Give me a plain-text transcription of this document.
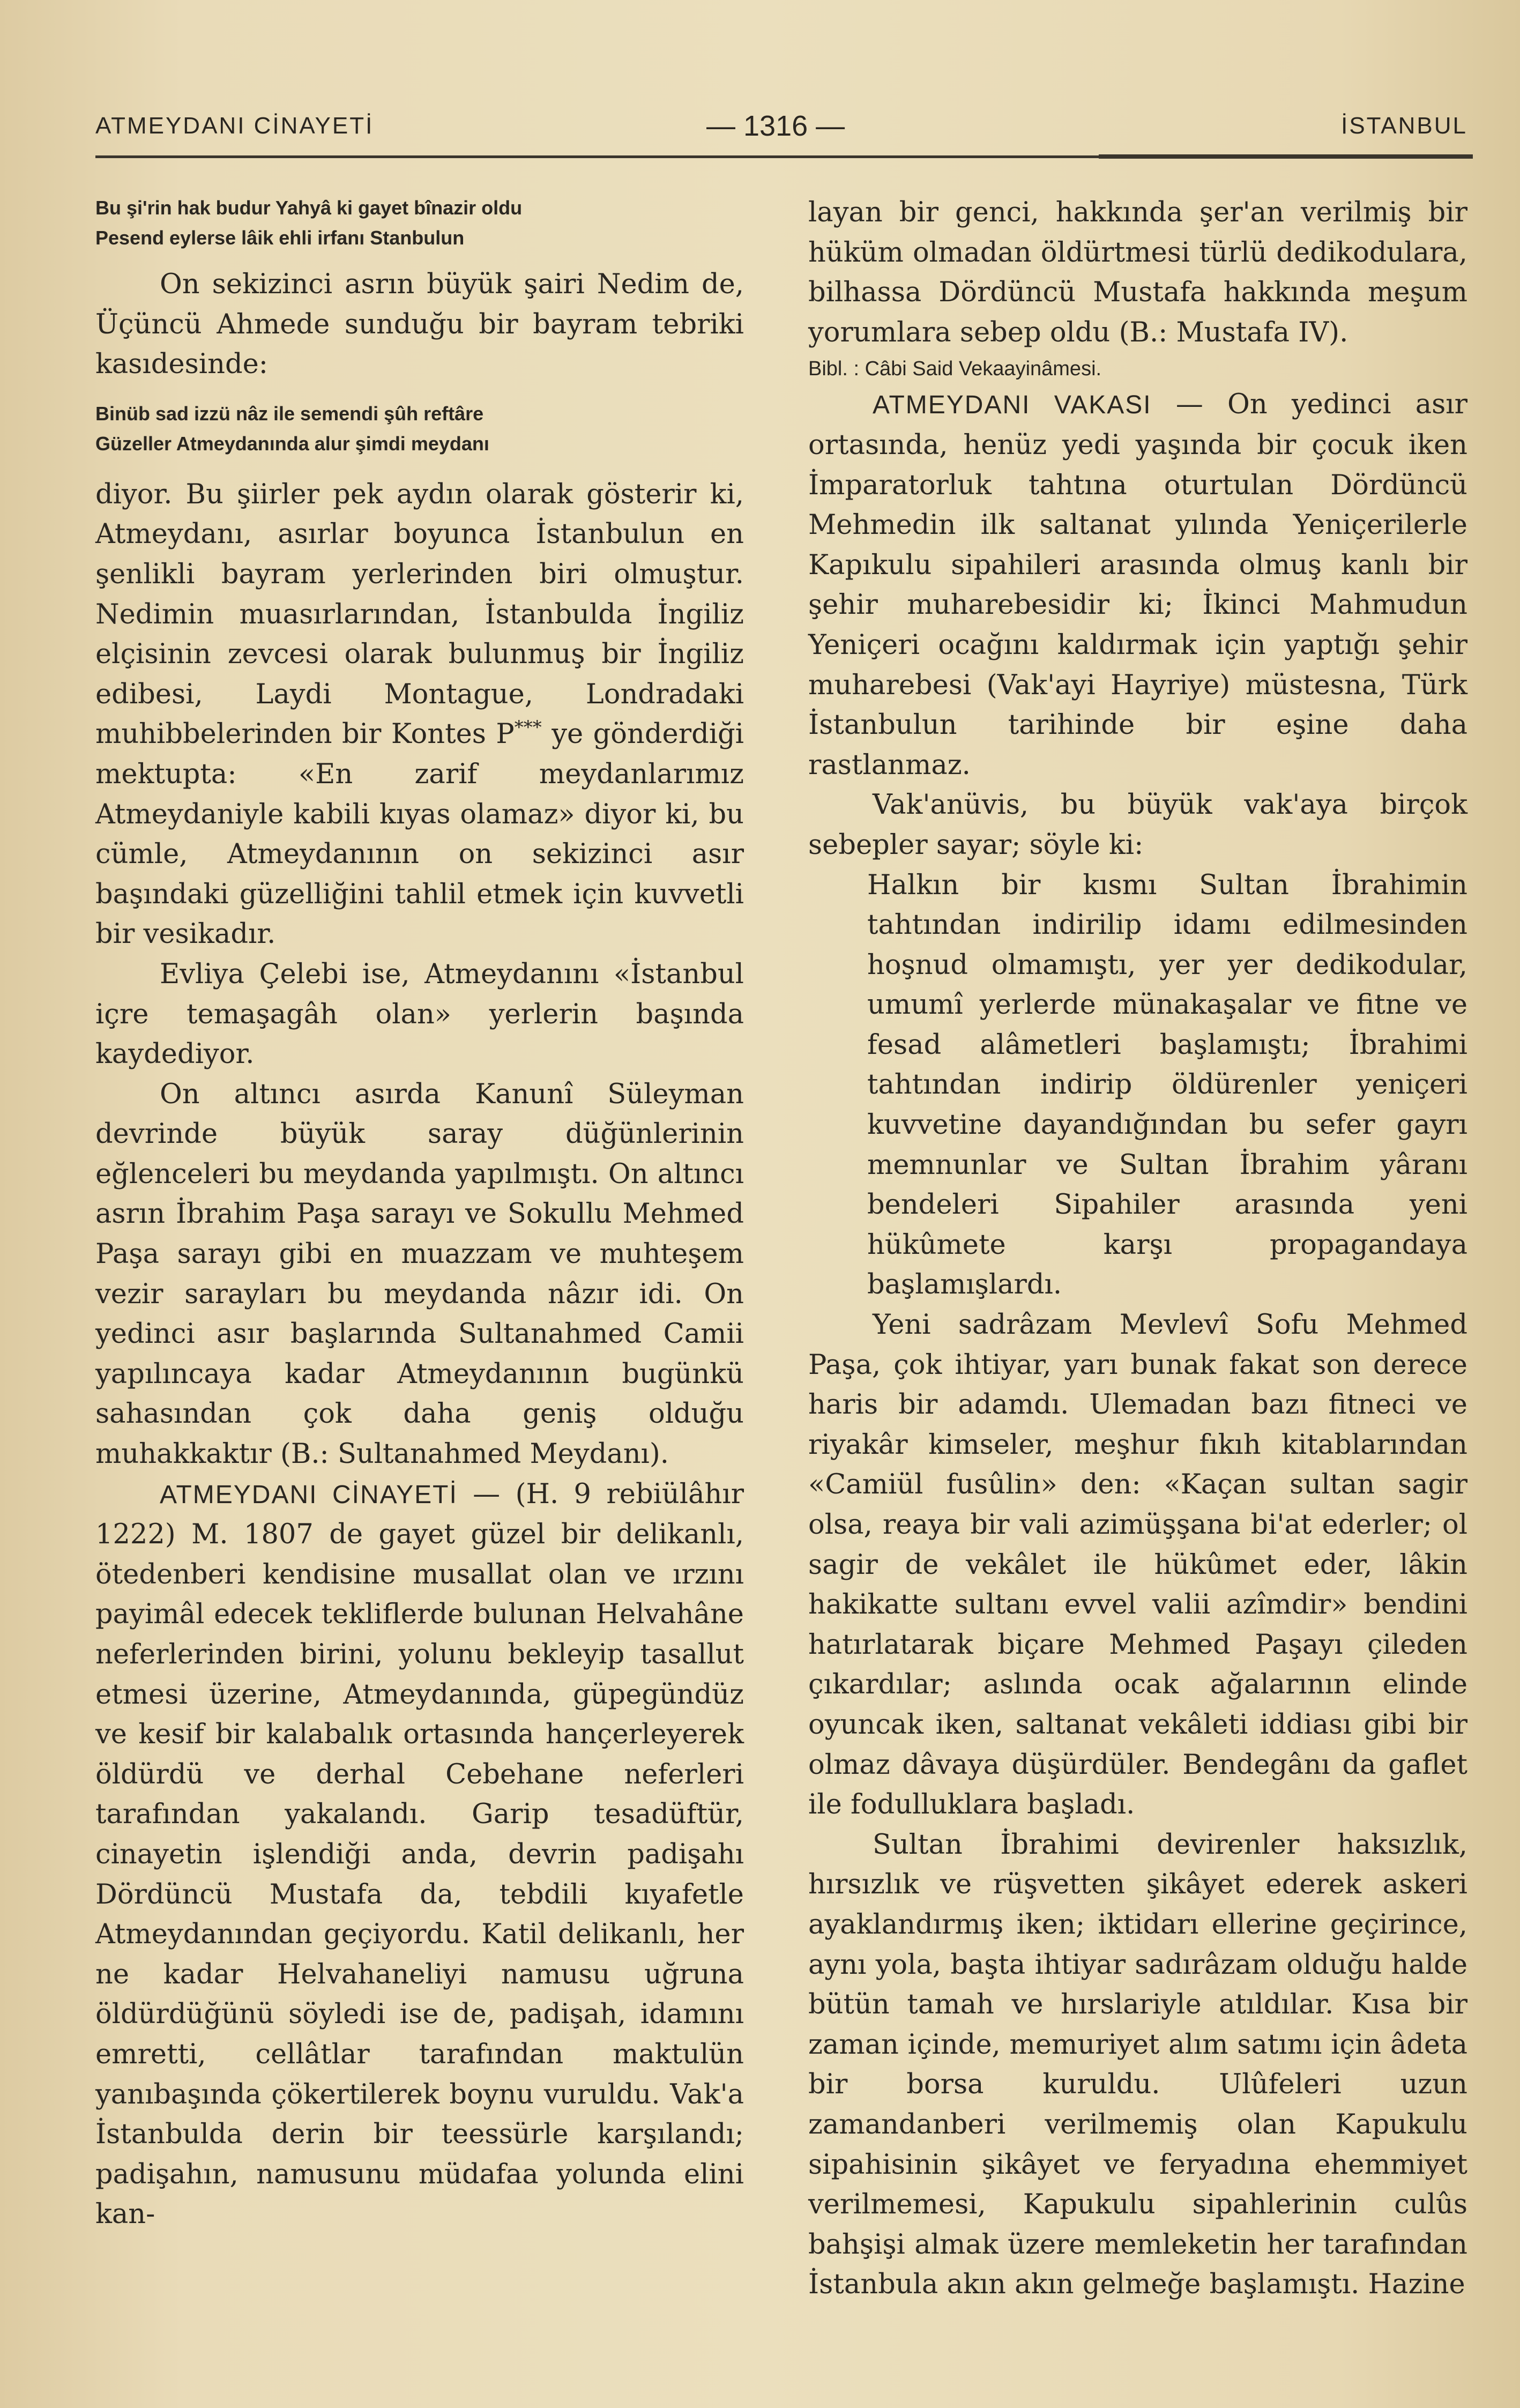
ATMEYDANI CİNAYETİ	— 1316 —	İSTANBUL
Bu şi'rin hak budur Yahyâ ki gayet bînazir oldu
Pesend eylerse lâik ehli irfanı Stanbulun

On sekizinci asrın büyük şairi Nedim de, Üçüncü Ahmede sunduğu bir bayram tebriki kasıdesinde:

Binüb sad izzü nâz ile semendi şûh reftâre
Güzeller Atmeydanında alur şimdi meydanı

diyor. Bu şiirler pek aydın olarak gösterir ki, Atmeydanı, asırlar boyunca İstanbulun en şenlikli bayram yerlerinden biri olmuştur. Nedimin muasırlarından, İstanbulda İngiliz elçisinin zevcesi olarak bulunmuş bir İngiliz edibesi, Laydi Montague, Londradaki muhibbelerinden bir Kontes P*** ye gönderdiği mektupta: «En zarif meydanlarımız Atmeydaniyle kabili kıyas olamaz» diyor ki, bu cümle, Atmeydanının on sekizinci asır başındaki güzelliğini tahlil etmek için kuvvetli bir vesikadır.

Evliya Çelebi ise, Atmeydanını «İstanbul içre temaşagâh olan» yerlerin başında kaydediyor.

On altıncı asırda Kanunî Süleyman devrinde büyük saray düğünlerinin eğlenceleri bu meydanda yapılmıştı. On altıncı asrın İbrahim Paşa sarayı ve Sokullu Mehmed Paşa sarayı gibi en muazzam ve muhteşem vezir sarayları bu meydanda nâzır idi. On yedinci asır başlarında Sultanahmed Camii yapılıncaya kadar Atmeydanının bugünkü sahasından çok daha geniş olduğu muhakkaktır (B.: Sultanahmed Meydanı).

ATMEYDANI CİNAYETİ — (H. 9 rebiülâhır 1222) M. 1807 de gayet güzel bir delikanlı, ötedenberi kendisine musallat olan ve ırzını payimâl edecek tekliflerde bulunan Helvahâne neferlerinden birini, yolunu bekleyip tasallut etmesi üzerine, Atmeydanında, güpegündüz ve kesif bir kalabalık ortasında hançerleyerek öldürdü ve derhal Cebehane neferleri tarafından yakalandı. Garip tesadüftür, cinayetin işlendiği anda, devrin padişahı Dördüncü Mustafa da, tebdili kıyafetle Atmeydanından geçiyordu. Katil delikanlı, her ne kadar Helvahaneliyi namusu uğruna öldürdüğünü söyledi ise de, padişah, idamını emretti, cellâtlar tarafından maktulün yanıbaşında çökertilerek boynu vuruldu. Vak'a İstanbulda derin bir teessürle karşılandı; padişahın, namusunu müdafaa yolunda elini kan-

layan bir genci, hakkında şer'an verilmiş bir hüküm olmadan öldürtmesi türlü dedikodulara, bilhassa Dördüncü Mustafa hakkında meşum yorumlara sebep oldu (B.: Mustafa IV).

Bibl. : Câbi Said Vekaayinâmesi.

ATMEYDANI VAKASI — On yedinci asır ortasında, henüz yedi yaşında bir çocuk iken İmparatorluk tahtına oturtulan Dördüncü Mehmedin ilk saltanat yılında Yeniçerilerle Kapıkulu sipahileri arasında olmuş kanlı bir şehir muharebesidir ki; İkinci Mahmudun Yeniçeri ocağını kaldırmak için yaptığı şehir muharebesi (Vak'ayi Hayriye) müstesna, Türk İstanbulun tarihinde bir eşine daha rastlanmaz.

Vak'anüvis, bu büyük vak'aya birçok sebepler sayar; söyle ki:

Halkın bir kısmı Sultan İbrahimin tahtından indirilip idamı edilmesinden hoşnud olmamıştı, yer yer dedikodular, umumî yerlerde münakaşalar ve fitne ve fesad alâmetleri başlamıştı; İbrahimi tahtından indirip öldürenler yeniçeri kuvvetine dayandığından bu sefer gayrı memnunlar ve Sultan İbrahim yâranı bendeleri Sipahiler arasında yeni hükûmete karşı propagandaya başlamışlardı.

Yeni sadrâzam Mevlevî Sofu Mehmed Paşa, çok ihtiyar, yarı bunak fakat son derece haris bir adamdı. Ulemadan bazı fitneci ve riyakâr kimseler, meşhur fıkıh kitablarından «Camiül fusûlin» den: «Kaçan sultan sagir olsa, reaya bir vali azimüşşana bi'at ederler; ol sagir de vekâlet ile hükûmet eder, lâkin hakikatte sultanı evvel valii azîmdir» bendini hatırlatarak biçare Mehmed Paşayı çileden çıkardılar; aslında ocak ağalarının elinde oyuncak iken, saltanat vekâleti iddiası gibi bir olmaz dâvaya düşürdüler. Bendegânı da gaflet ile fodulluklara başladı.

Sultan İbrahimi devirenler haksızlık, hırsızlık ve rüşvetten şikâyet ederek askeri ayaklandırmış iken; iktidarı ellerine geçirince, aynı yola, başta ihtiyar sadırâzam olduğu halde bütün tamah ve hırslariyle atıldılar. Kısa bir zaman içinde, memuriyet alım satımı için âdeta bir borsa kuruldu. Ulûfeleri uzun zamandanberi verilmemiş olan Kapukulu sipahisinin şikâyet ve feryadına ehemmiyet verilmemesi, Kapukulu sipahlerinin culûs bahşişi almak üzere memleketin her tarafından İstanbula akın akın gelmeğe başlamıştı. Hazine
